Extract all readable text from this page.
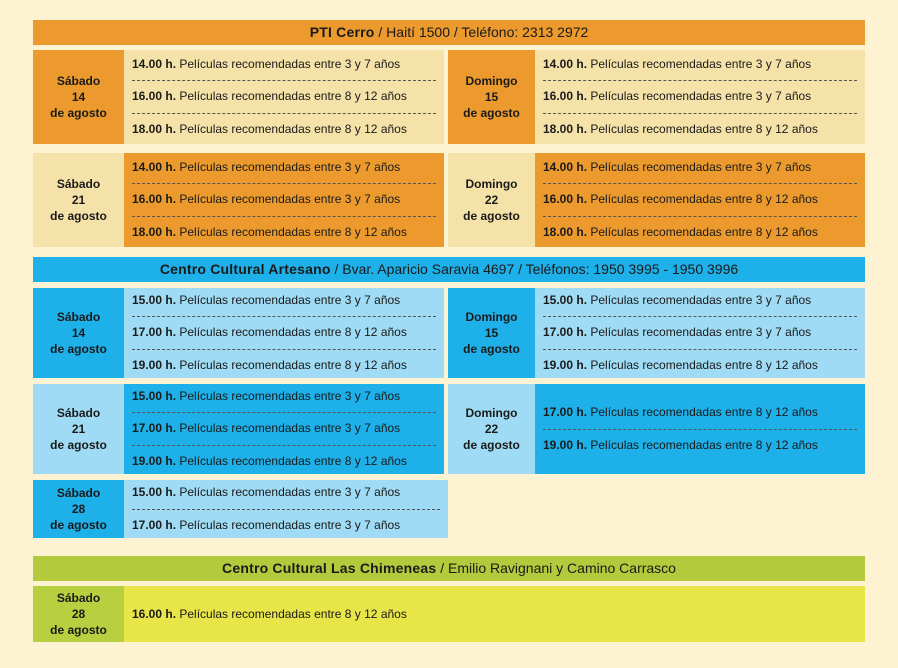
PTI Cerro / Haití 1500 / Teléfono: 2313 2972
Sábado
14
de agosto
14.00 h. Películas recomendadas entre 3 y 7 años
16.00 h. Películas recomendadas entre 8 y 12 años
18.00 h. Películas recomendadas entre 8 y 12 años
Domingo
15
de agosto
14.00 h. Películas recomendadas entre 3 y 7 años
16.00 h. Películas recomendadas entre 3 y 7 años
18.00 h. Películas recomendadas entre 8 y 12 años
Sábado
21
de agosto
14.00 h. Películas recomendadas entre 3 y 7 años
16.00 h. Películas recomendadas entre 3 y 7 años
18.00 h. Películas recomendadas entre 8 y 12 años
Domingo
22
de agosto
14.00 h. Películas recomendadas entre 3 y 7 años
16.00 h. Películas recomendadas entre 8 y 12 años
18.00 h. Películas recomendadas entre 8 y 12 años
Centro Cultural Artesano / Bvar. Aparicio Saravia 4697 / Teléfonos: 1950 3995 - 1950 3996
Sábado
14
de agosto
15.00 h. Películas recomendadas entre 3 y 7 años
17.00 h. Películas recomendadas entre 8 y 12 años
19.00 h. Películas recomendadas entre 8 y 12 años
Domingo
15
de agosto
15.00 h. Películas recomendadas entre 3 y 7 años
17.00 h. Películas recomendadas entre 3 y 7 años
19.00 h. Películas recomendadas entre 8 y 12 años
Sábado
21
de agosto
15.00 h. Películas recomendadas entre 3 y 7 años
17.00 h. Películas recomendadas entre 3 y 7 años
19.00 h. Películas recomendadas entre 8 y 12 años
Domingo
22
de agosto
17.00 h. Películas recomendadas entre 8 y 12 años
19.00 h. Películas recomendadas entre 8 y 12 años
Sábado
28
de agosto
15.00 h. Películas recomendadas entre 3 y 7 años
17.00 h. Películas recomendadas entre 3 y 7 años
Centro Cultural Las Chimeneas / Emilio Ravignani y Camino Carrasco
Sábado
28
de agosto
16.00 h. Películas recomendadas entre 8 y 12 años
